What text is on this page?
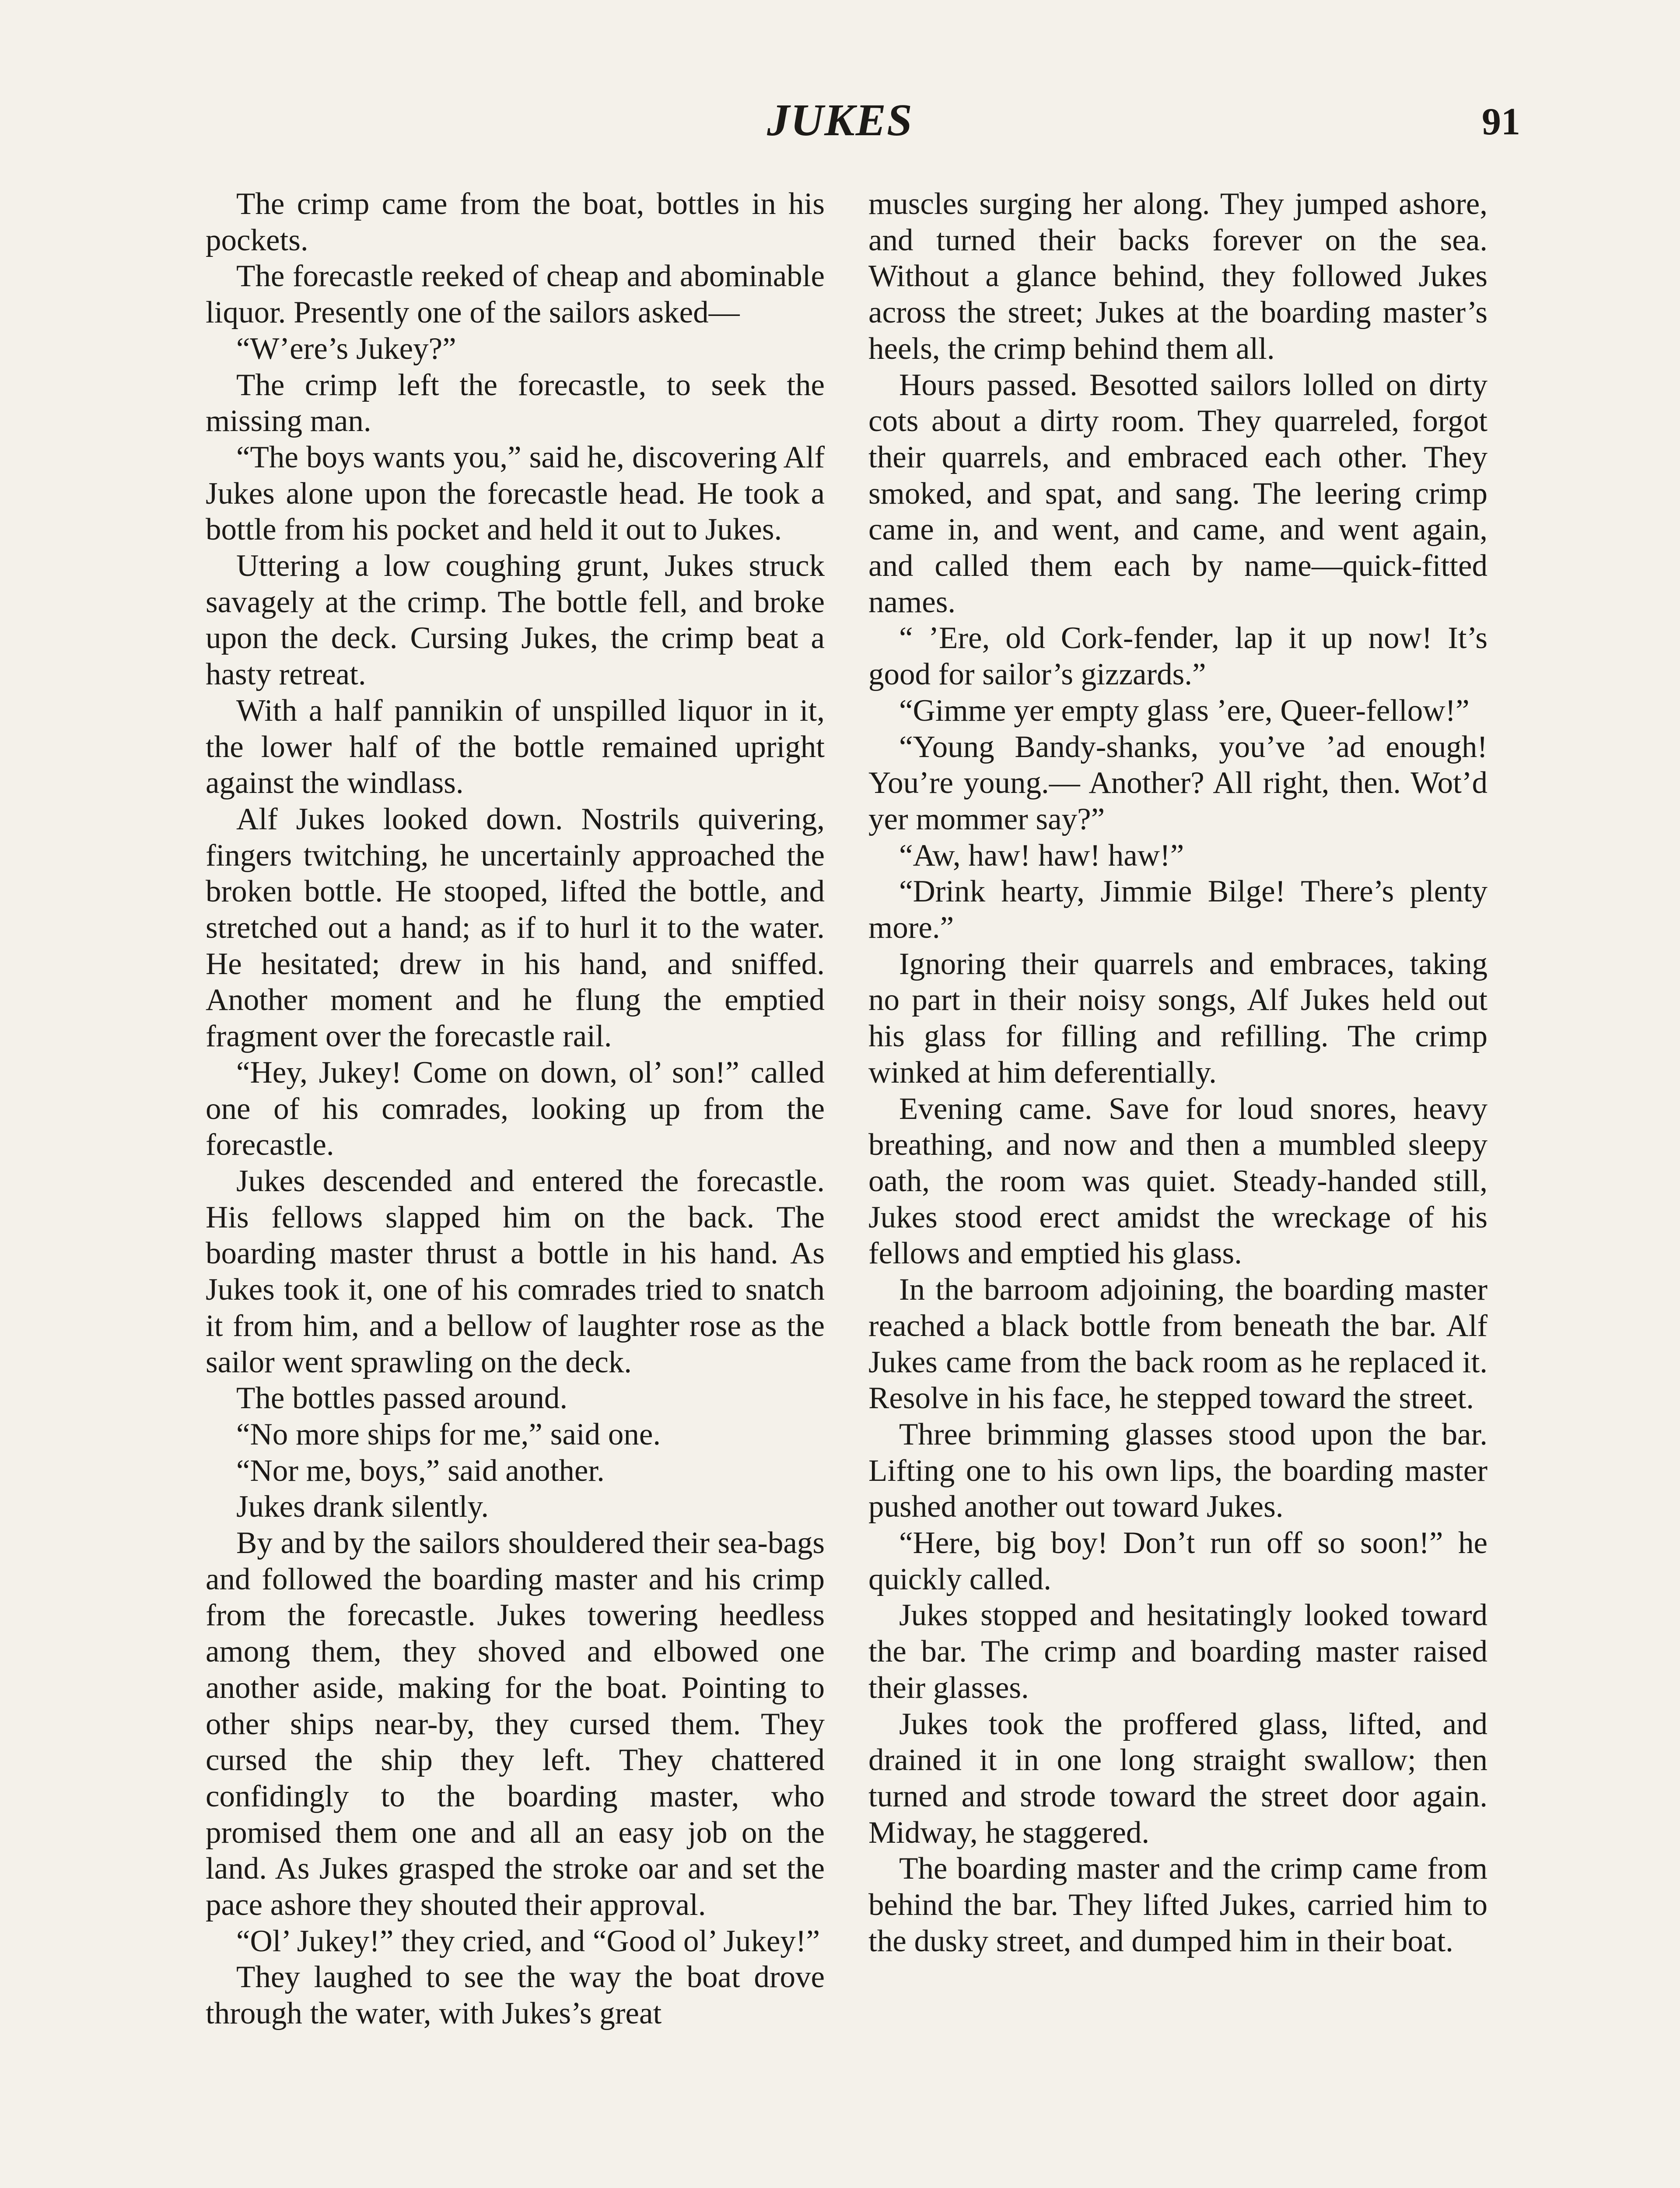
JUKES	91

The crimp came from the boat, bottles in his pockets.

The forecastle reeked of cheap and abominable liquor. Presently one of the sailors asked—

“W’ere’s Jukey?”

The crimp left the forecastle, to seek the missing man.

“The boys wants you,” said he, discovering Alf Jukes alone upon the forecastle head. He took a bottle from his pocket and held it out to Jukes.

Uttering a low coughing grunt, Jukes struck savagely at the crimp. The bottle fell, and broke upon the deck. Cursing Jukes, the crimp beat a hasty retreat.

With a half pannikin of unspilled liquor in it, the lower half of the bottle remained upright against the windlass.

Alf Jukes looked down. Nostrils quivering, fingers twitching, he uncertainly approached the broken bottle. He stooped, lifted the bottle, and stretched out a hand; as if to hurl it to the water. He hesitated; drew in his hand, and sniffed. Another moment and he flung the emptied fragment over the forecastle rail.

“Hey, Jukey! Come on down, ol’ son!” called one of his comrades, looking up from the forecastle.

Jukes descended and entered the forecastle. His fellows slapped him on the back. The boarding master thrust a bottle in his hand. As Jukes took it, one of his comrades tried to snatch it from him, and a bellow of laughter rose as the sailor went sprawling on the deck.

The bottles passed around.

“No more ships for me,” said one.

“Nor me, boys,” said another.

Jukes drank silently.

By and by the sailors shouldered their sea-bags and followed the boarding master and his crimp from the forecastle. Jukes towering heedless among them, they shoved and elbowed one another aside, making for the boat. Pointing to other ships near-by, they cursed them. They cursed the ship they left. They chattered confidingly to the boarding master, who promised them one and all an easy job on the land. As Jukes grasped the stroke oar and set the pace ashore they shouted their approval.

“Ol’ Jukey!” they cried, and “Good ol’ Jukey!”

They laughed to see the way the boat drove through the water, with Jukes’s great

muscles surging her along. They jumped ashore, and turned their backs forever on the sea. Without a glance behind, they followed Jukes across the street; Jukes at the boarding master’s heels, the crimp behind them all.

Hours passed. Besotted sailors lolled on dirty cots about a dirty room. They quarreled, forgot their quarrels, and embraced each other. They smoked, and spat, and sang. The leering crimp came in, and went, and came, and went again, and called them each by name—quick-fitted names.

“ ’Ere, old Cork-fender, lap it up now! It’s good for sailor’s gizzards.”

“Gimme yer empty glass ’ere, Queer-fellow!”

“Young Bandy-shanks, you’ve ’ad enough! You’re young.— Another? All right, then. Wot’d yer mommer say?”

“Aw, haw! haw! haw!”

“Drink hearty, Jimmie Bilge! There’s plenty more.”

Ignoring their quarrels and embraces, taking no part in their noisy songs, Alf Jukes held out his glass for filling and refilling. The crimp winked at him deferentially.

Evening came. Save for loud snores, heavy breathing, and now and then a mumbled sleepy oath, the room was quiet. Steady-handed still, Jukes stood erect amidst the wreckage of his fellows and emptied his glass.

In the barroom adjoining, the boarding master reached a black bottle from beneath the bar. Alf Jukes came from the back room as he replaced it. Resolve in his face, he stepped toward the street.

Three brimming glasses stood upon the bar. Lifting one to his own lips, the boarding master pushed another out toward Jukes.

“Here, big boy! Don’t run off so soon!” he quickly called.

Jukes stopped and hesitatingly looked toward the bar. The crimp and boarding master raised their glasses.

Jukes took the proffered glass, lifted, and drained it in one long straight swallow; then turned and strode toward the street door again. Midway, he staggered.

The boarding master and the crimp came from behind the bar. They lifted Jukes, carried him to the dusky street, and dumped him in their boat.
